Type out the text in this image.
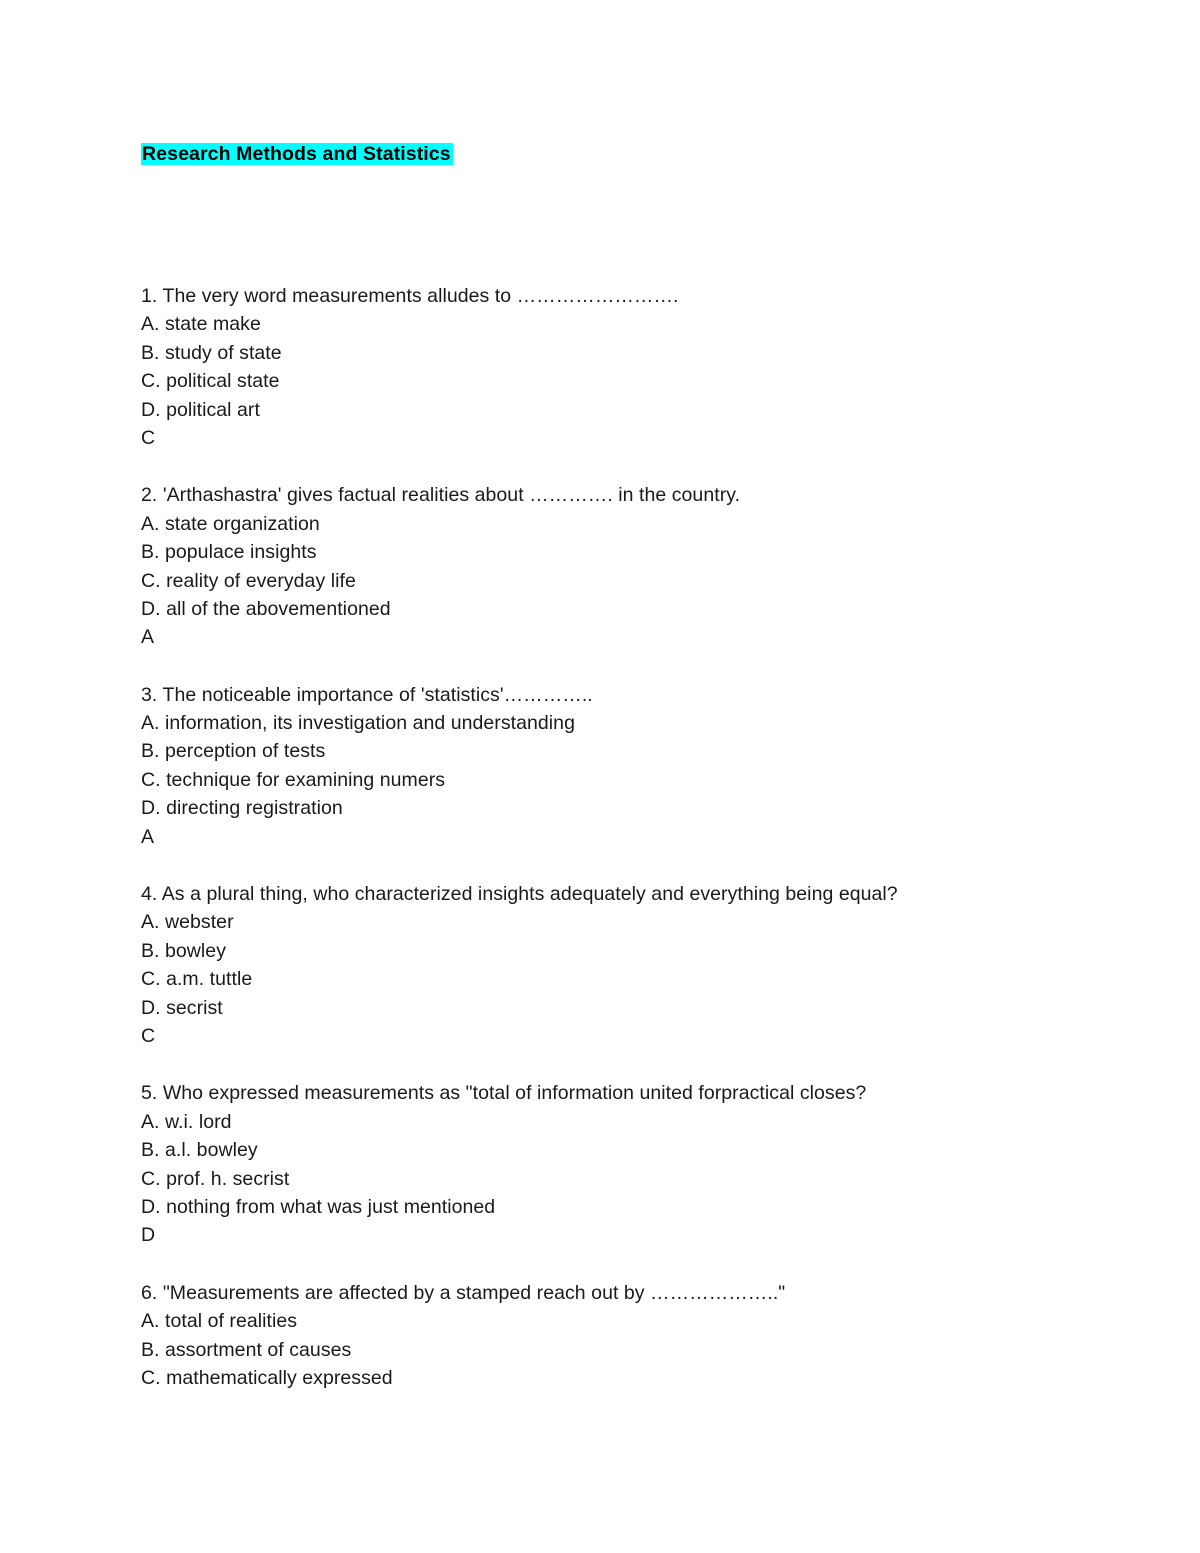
Research Methods and Statistics
1. The very word measurements alludes to …………………….
A. state make
B. study of state
C. political state
D. political art
C
2. 'Arthashastra' gives factual realities about …………. in the country.
A. state organization
B. populace insights
C. reality of everyday life
D. all of the abovementioned
A
3. The noticeable importance of 'statistics'…………..
A. information, its investigation and understanding
B. perception of tests
C. technique for examining numers
D. directing registration
A
4. As a plural thing, who characterized insights adequately and everything being equal?
A. webster
B. bowley
C. a.m. tuttle
D. secrist
C
5. Who expressed measurements as "total of information united forpractical closes?
A. w.i. lord
B. a.l. bowley
C. prof. h. secrist
D. nothing from what was just mentioned
D
6. "Measurements are affected by a stamped reach out by ……………….."
A. total of realities
B. assortment of causes
C. mathematically expressed
